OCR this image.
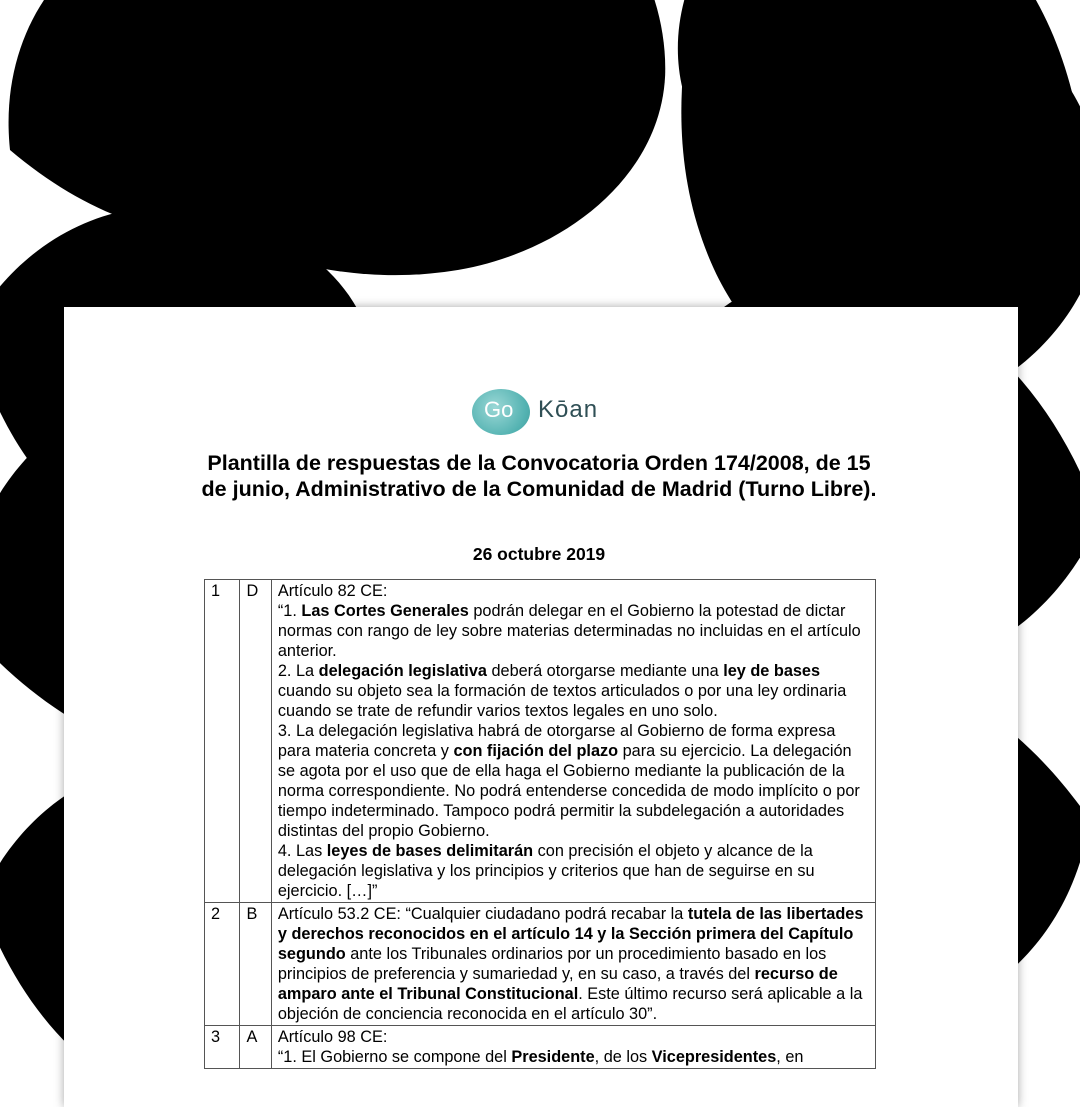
Go Kōan
Plantilla de respuestas de la Convocatoria Orden 174/2008, de 15 de junio, Administrativo de la Comunidad de Madrid (Turno Libre).
26 octubre 2019
1	D	Artículo 82 CE:
“1. Las Cortes Generales podrán delegar en el Gobierno la potestad de dictar normas con rango de ley sobre materias determinadas no incluidas en el artículo anterior.
2. La delegación legislativa deberá otorgarse mediante una ley de bases cuando su objeto sea la formación de textos articulados o por una ley ordinaria cuando se trate de refundir varios textos legales en uno solo.
3. La delegación legislativa habrá de otorgarse al Gobierno de forma expresa para materia concreta y con fijación del plazo para su ejercicio. La delegación se agota por el uso que de ella haga el Gobierno mediante la publicación de la norma correspondiente. No podrá entenderse concedida de modo implícito o por tiempo indeterminado. Tampoco podrá permitir la subdelegación a autoridades distintas del propio Gobierno.
4. Las leyes de bases delimitarán con precisión el objeto y alcance de la delegación legislativa y los principios y criterios que han de seguirse en su ejercicio. […]”

2	B	Artículo 53.2 CE: “Cualquier ciudadano podrá recabar la tutela de las libertades y derechos reconocidos en el artículo 14 y la Sección primera del Capítulo segundo ante los Tribunales ordinarios por un procedimiento basado en los principios de preferencia y sumariedad y, en su caso, a través del recurso de amparo ante el Tribunal Constitucional. Este último recurso será aplicable a la objeción de conciencia reconocida en el artículo 30”.

3	A	Artículo 98 CE:
“1. El Gobierno se compone del Presidente, de los Vicepresidentes, en
